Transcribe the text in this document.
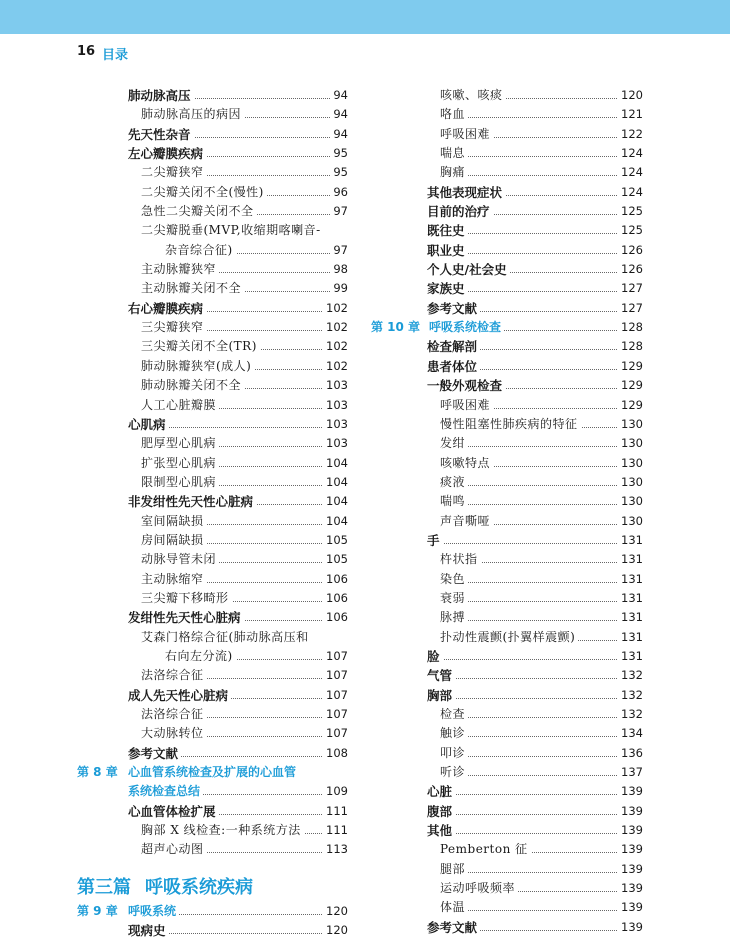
16 目录
肺动脉高压	94
肺动脉高压的病因	94
先天性杂音	94
左心瓣膜疾病	95
二尖瓣狭窄	95
二尖瓣关闭不全(慢性)	96
急性二尖瓣关闭不全	97
二尖瓣脱垂(MVP,收缩期喀喇音-
杂音综合征)	97
主动脉瓣狭窄	98
主动脉瓣关闭不全	99
右心瓣膜疾病	102
三尖瓣狭窄	102
三尖瓣关闭不全(TR)	102
肺动脉瓣狭窄(成人)	102
肺动脉瓣关闭不全	103
人工心脏瓣膜	103
心肌病	103
肥厚型心肌病	103
扩张型心肌病	104
限制型心肌病	104
非发绀性先天性心脏病	104
室间隔缺损	104
房间隔缺损	105
动脉导管未闭	105
主动脉缩窄	106
三尖瓣下移畸形	106
发绀性先天性心脏病	106
艾森门格综合征(肺动脉高压和
右向左分流)	107
法洛综合征	107
成人先天性心脏病	107
法洛综合征	107
大动脉转位	107
参考文献	108
第 8 章 心血管系统检查及扩展的心血管
系统检查总结	109
心血管体检扩展	111
胸部 X 线检查:一种系统方法 111
超声心动图	113
咳嗽、咳痰	120
咯血	121
呼吸困难	122
喘息	124
胸痛	124
其他表现症状	124
目前的治疗	125
既往史	125
职业史	126
个人史/社会史	126
家族史	127
参考文献	127
第 10 章 呼吸系统检查	128
检查解剖	128
患者体位	129
一般外观检查	129
呼吸困难	129
慢性阻塞性肺疾病的特征	130
发绀	130
咳嗽特点	130
痰液	130
喘鸣	130
声音嘶哑	130
手	131
杵状指	131
染色	131
衰弱	131
脉搏	131
扑动性震颤(扑翼样震颤)	131
脸	131
气管	132
胸部	132
检查	132
触诊	134
叩诊	136
听诊	137
心脏	139
腹部	139
其他	139
Pemberton 征	139
腿部	139
运动呼吸频率	139
体温	139
参考文献	139
第三篇 呼吸系统疾病
第 9 章 呼吸系统	120
现病史	120
